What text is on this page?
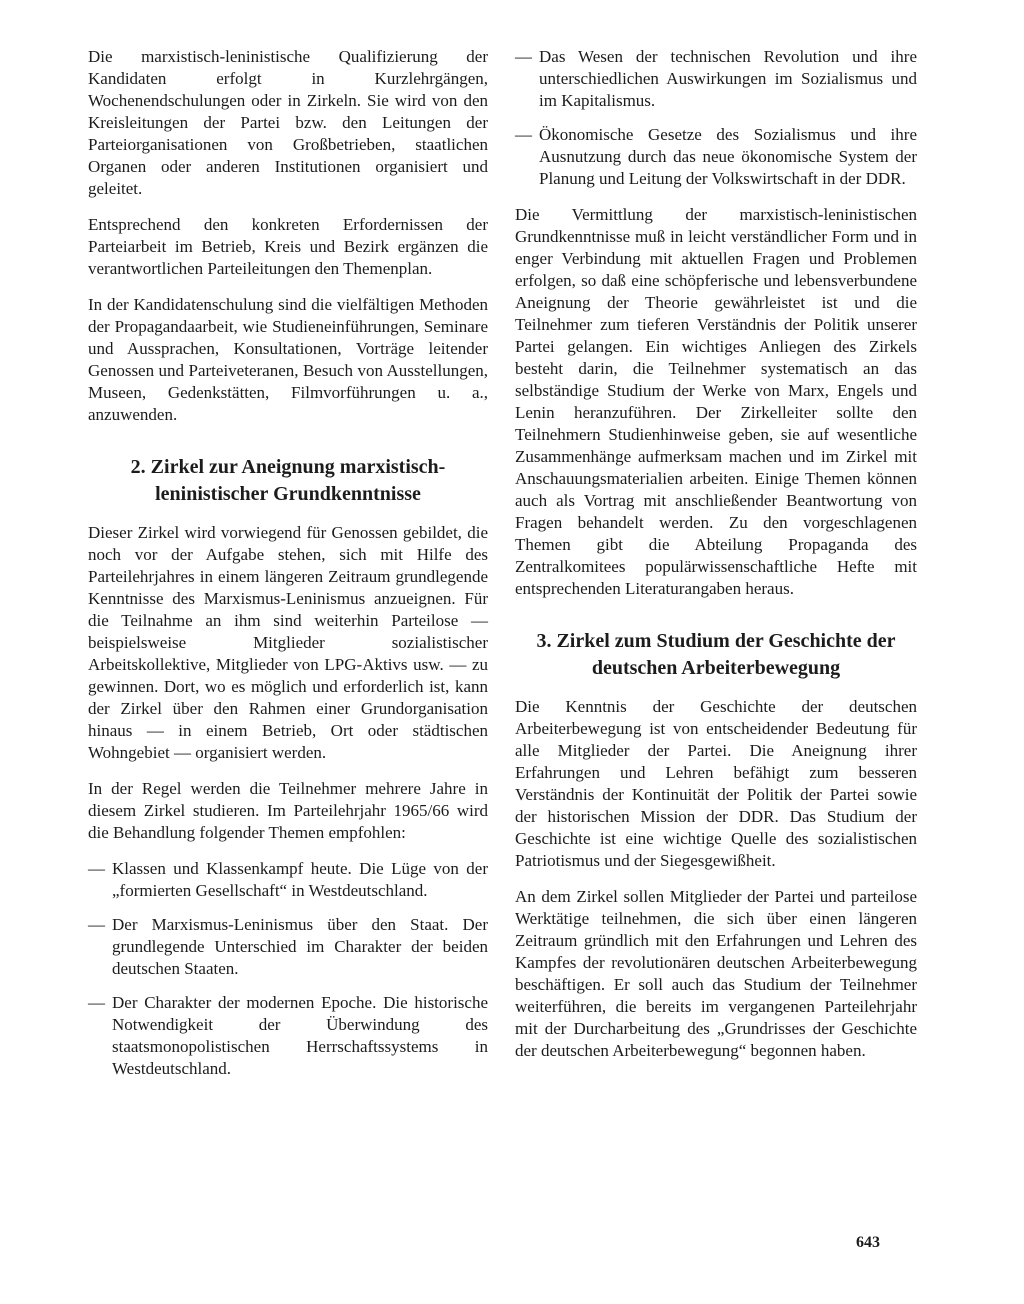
Die marxistisch-leninistische Qualifizierung der Kandidaten erfolgt in Kurzlehrgängen, Wochenendschulungen oder in Zirkeln. Sie wird von den Kreisleitungen der Partei bzw. den Leitungen der Parteiorganisationen von Großbetrieben, staatlichen Organen oder anderen Institutionen organisiert und geleitet.

Entsprechend den konkreten Erfordernissen der Parteiarbeit im Betrieb, Kreis und Bezirk ergänzen die verantwortlichen Parteileitungen den Themenplan.

In der Kandidatenschulung sind die vielfältigen Methoden der Propagandaarbeit, wie Studieneinführungen, Seminare und Aussprachen, Konsultationen, Vorträge leitender Genossen und Parteiveteranen, Besuch von Ausstellungen, Museen, Gedenkstätten, Filmvorführungen u. a., anzuwenden.

2. Zirkel zur Aneignung marxistisch-leninistischer Grundkenntnisse

Dieser Zirkel wird vorwiegend für Genossen gebildet, die noch vor der Aufgabe stehen, sich mit Hilfe des Parteilehrjahres in einem längeren Zeitraum grundlegende Kenntnisse des Marxismus-Leninismus anzueignen. Für die Teilnahme an ihm sind weiterhin Parteilose — beispielsweise Mitglieder sozialistischer Arbeitskollektive, Mitglieder von LPG-Aktivs usw. — zu gewinnen. Dort, wo es möglich und erforderlich ist, kann der Zirkel über den Rahmen einer Grundorganisation hinaus — in einem Betrieb, Ort oder städtischen Wohngebiet — organisiert werden.

In der Regel werden die Teilnehmer mehrere Jahre in diesem Zirkel studieren. Im Parteilehrjahr 1965/66 wird die Behandlung folgender Themen empfohlen:

— Klassen und Klassenkampf heute. Die Lüge von der „formierten Gesellschaft“ in Westdeutschland.
— Der Marxismus-Leninismus über den Staat. Der grundlegende Unterschied im Charakter der beiden deutschen Staaten.
— Der Charakter der modernen Epoche. Die historische Notwendigkeit der Überwindung des staatsmonopolistischen Herrschaftssystems in Westdeutschland.
— Das Wesen der technischen Revolution und ihre unterschiedlichen Auswirkungen im Sozialismus und im Kapitalismus.
— Ökonomische Gesetze des Sozialismus und ihre Ausnutzung durch das neue ökonomische System der Planung und Leitung der Volkswirtschaft in der DDR.

Die Vermittlung der marxistisch-leninistischen Grundkenntnisse muß in leicht verständlicher Form und in enger Verbindung mit aktuellen Fragen und Problemen erfolgen, so daß eine schöpferische und lebensverbundene Aneignung der Theorie gewährleistet ist und die Teilnehmer zum tieferen Verständnis der Politik unserer Partei gelangen. Ein wichtiges Anliegen des Zirkels besteht darin, die Teilnehmer systematisch an das selbständige Studium der Werke von Marx, Engels und Lenin heranzuführen. Der Zirkelleiter sollte den Teilnehmern Studienhinweise geben, sie auf wesentliche Zusammenhänge aufmerksam machen und im Zirkel mit Anschauungsmaterialien arbeiten. Einige Themen können auch als Vortrag mit anschließender Beantwortung von Fragen behandelt werden. Zu den vorgeschlagenen Themen gibt die Abteilung Propaganda des Zentralkomitees populärwissenschaftliche Hefte mit entsprechenden Literaturangaben heraus.

3. Zirkel zum Studium der Geschichte der deutschen Arbeiterbewegung

Die Kenntnis der Geschichte der deutschen Arbeiterbewegung ist von entscheidender Bedeutung für alle Mitglieder der Partei. Die Aneignung ihrer Erfahrungen und Lehren befähigt zum besseren Verständnis der Kontinuität der Politik der Partei sowie der historischen Mission der DDR. Das Studium der Geschichte ist eine wichtige Quelle des sozialistischen Patriotismus und der Siegesgewißheit.

An dem Zirkel sollen Mitglieder der Partei und parteilose Werktätige teilnehmen, die sich über einen längeren Zeitraum gründlich mit den Erfahrungen und Lehren des Kampfes der revolutionären deutschen Arbeiterbewegung beschäftigen. Er soll auch das Studium der Teilnehmer weiterführen, die bereits im vergangenen Parteilehrjahr mit der Durcharbeitung des „Grundrisses der Geschichte der deutschen Arbeiterbewegung“ begonnen haben.

643
